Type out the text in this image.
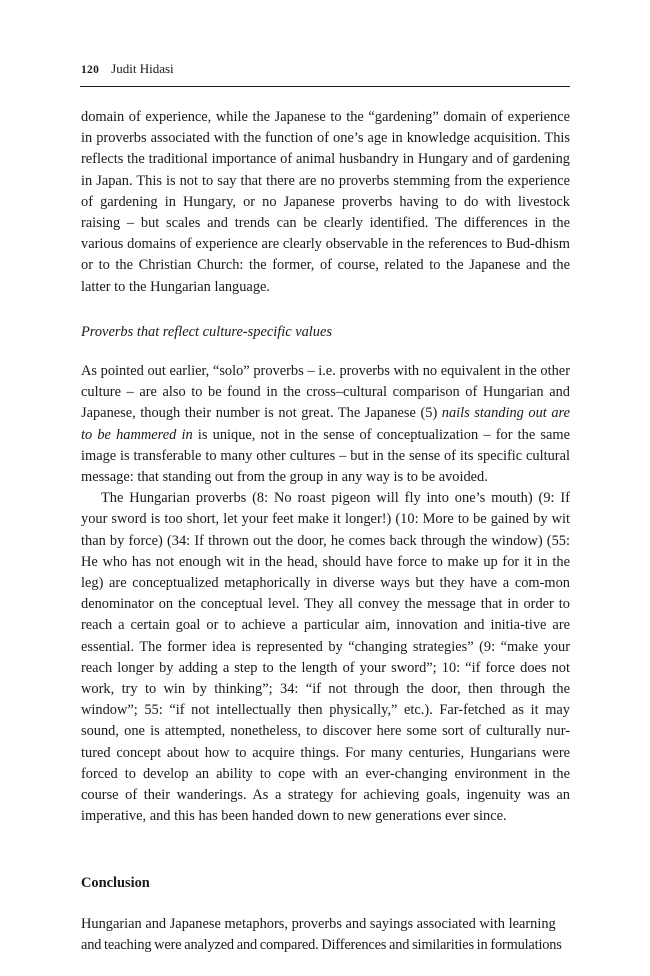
120 Judit Hidasi

domain of experience, while the Japanese to the “gardening” domain of experience in proverbs associated with the function of one’s age in knowledge acquisition. This reflects the traditional importance of animal husbandry in Hungary and of gardening in Japan. This is not to say that there are no proverbs stemming from the experience of gardening in Hungary, or no Japanese proverbs having to do with livestock raising – but scales and trends can be clearly identified. The differences in the various domains of experience are clearly observable in the references to Bud-dhism or to the Christian Church: the former, of course, related to the Japanese and the latter to the Hungarian language.

Proverbs that reflect culture-specific values

As pointed out earlier, “solo” proverbs – i.e. proverbs with no equivalent in the other culture – are also to be found in the cross–cultural comparison of Hungarian and Japanese, though their number is not great. The Japanese (5) nails standing out are to be hammered in is unique, not in the sense of conceptualization – for the same image is transferable to many other cultures – but in the sense of its specific cultural message: that standing out from the group in any way is to be avoided.

The Hungarian proverbs (8: No roast pigeon will fly into one’s mouth) (9: If your sword is too short, let your feet make it longer!) (10: More to be gained by wit than by force) (34: If thrown out the door, he comes back through the window) (55: He who has not enough wit in the head, should have force to make up for it in the leg) are conceptualized metaphorically in diverse ways but they have a com-mon denominator on the conceptual level. They all convey the message that in order to reach a certain goal or to achieve a particular aim, innovation and initia-tive are essential. The former idea is represented by “changing strategies” (9: “make your reach longer by adding a step to the length of your sword”; 10: “if force does not work, try to win by thinking”; 34: “if not through the door, then through the window”; 55: “if not intellectually then physically,” etc.). Far-fetched as it may sound, one is attempted, nonetheless, to discover here some sort of culturally nur-tured concept about how to acquire things. For many centuries, Hungarians were forced to develop an ability to cope with an ever-changing environment in the course of their wanderings. As a strategy for achieving goals, ingenuity was an imperative, and this has been handed down to new generations ever since.

Conclusion

Hungarian and Japanese metaphors, proverbs and sayings associated with learning

and teaching were analyzed and compared. Differences and similarities in formulations
